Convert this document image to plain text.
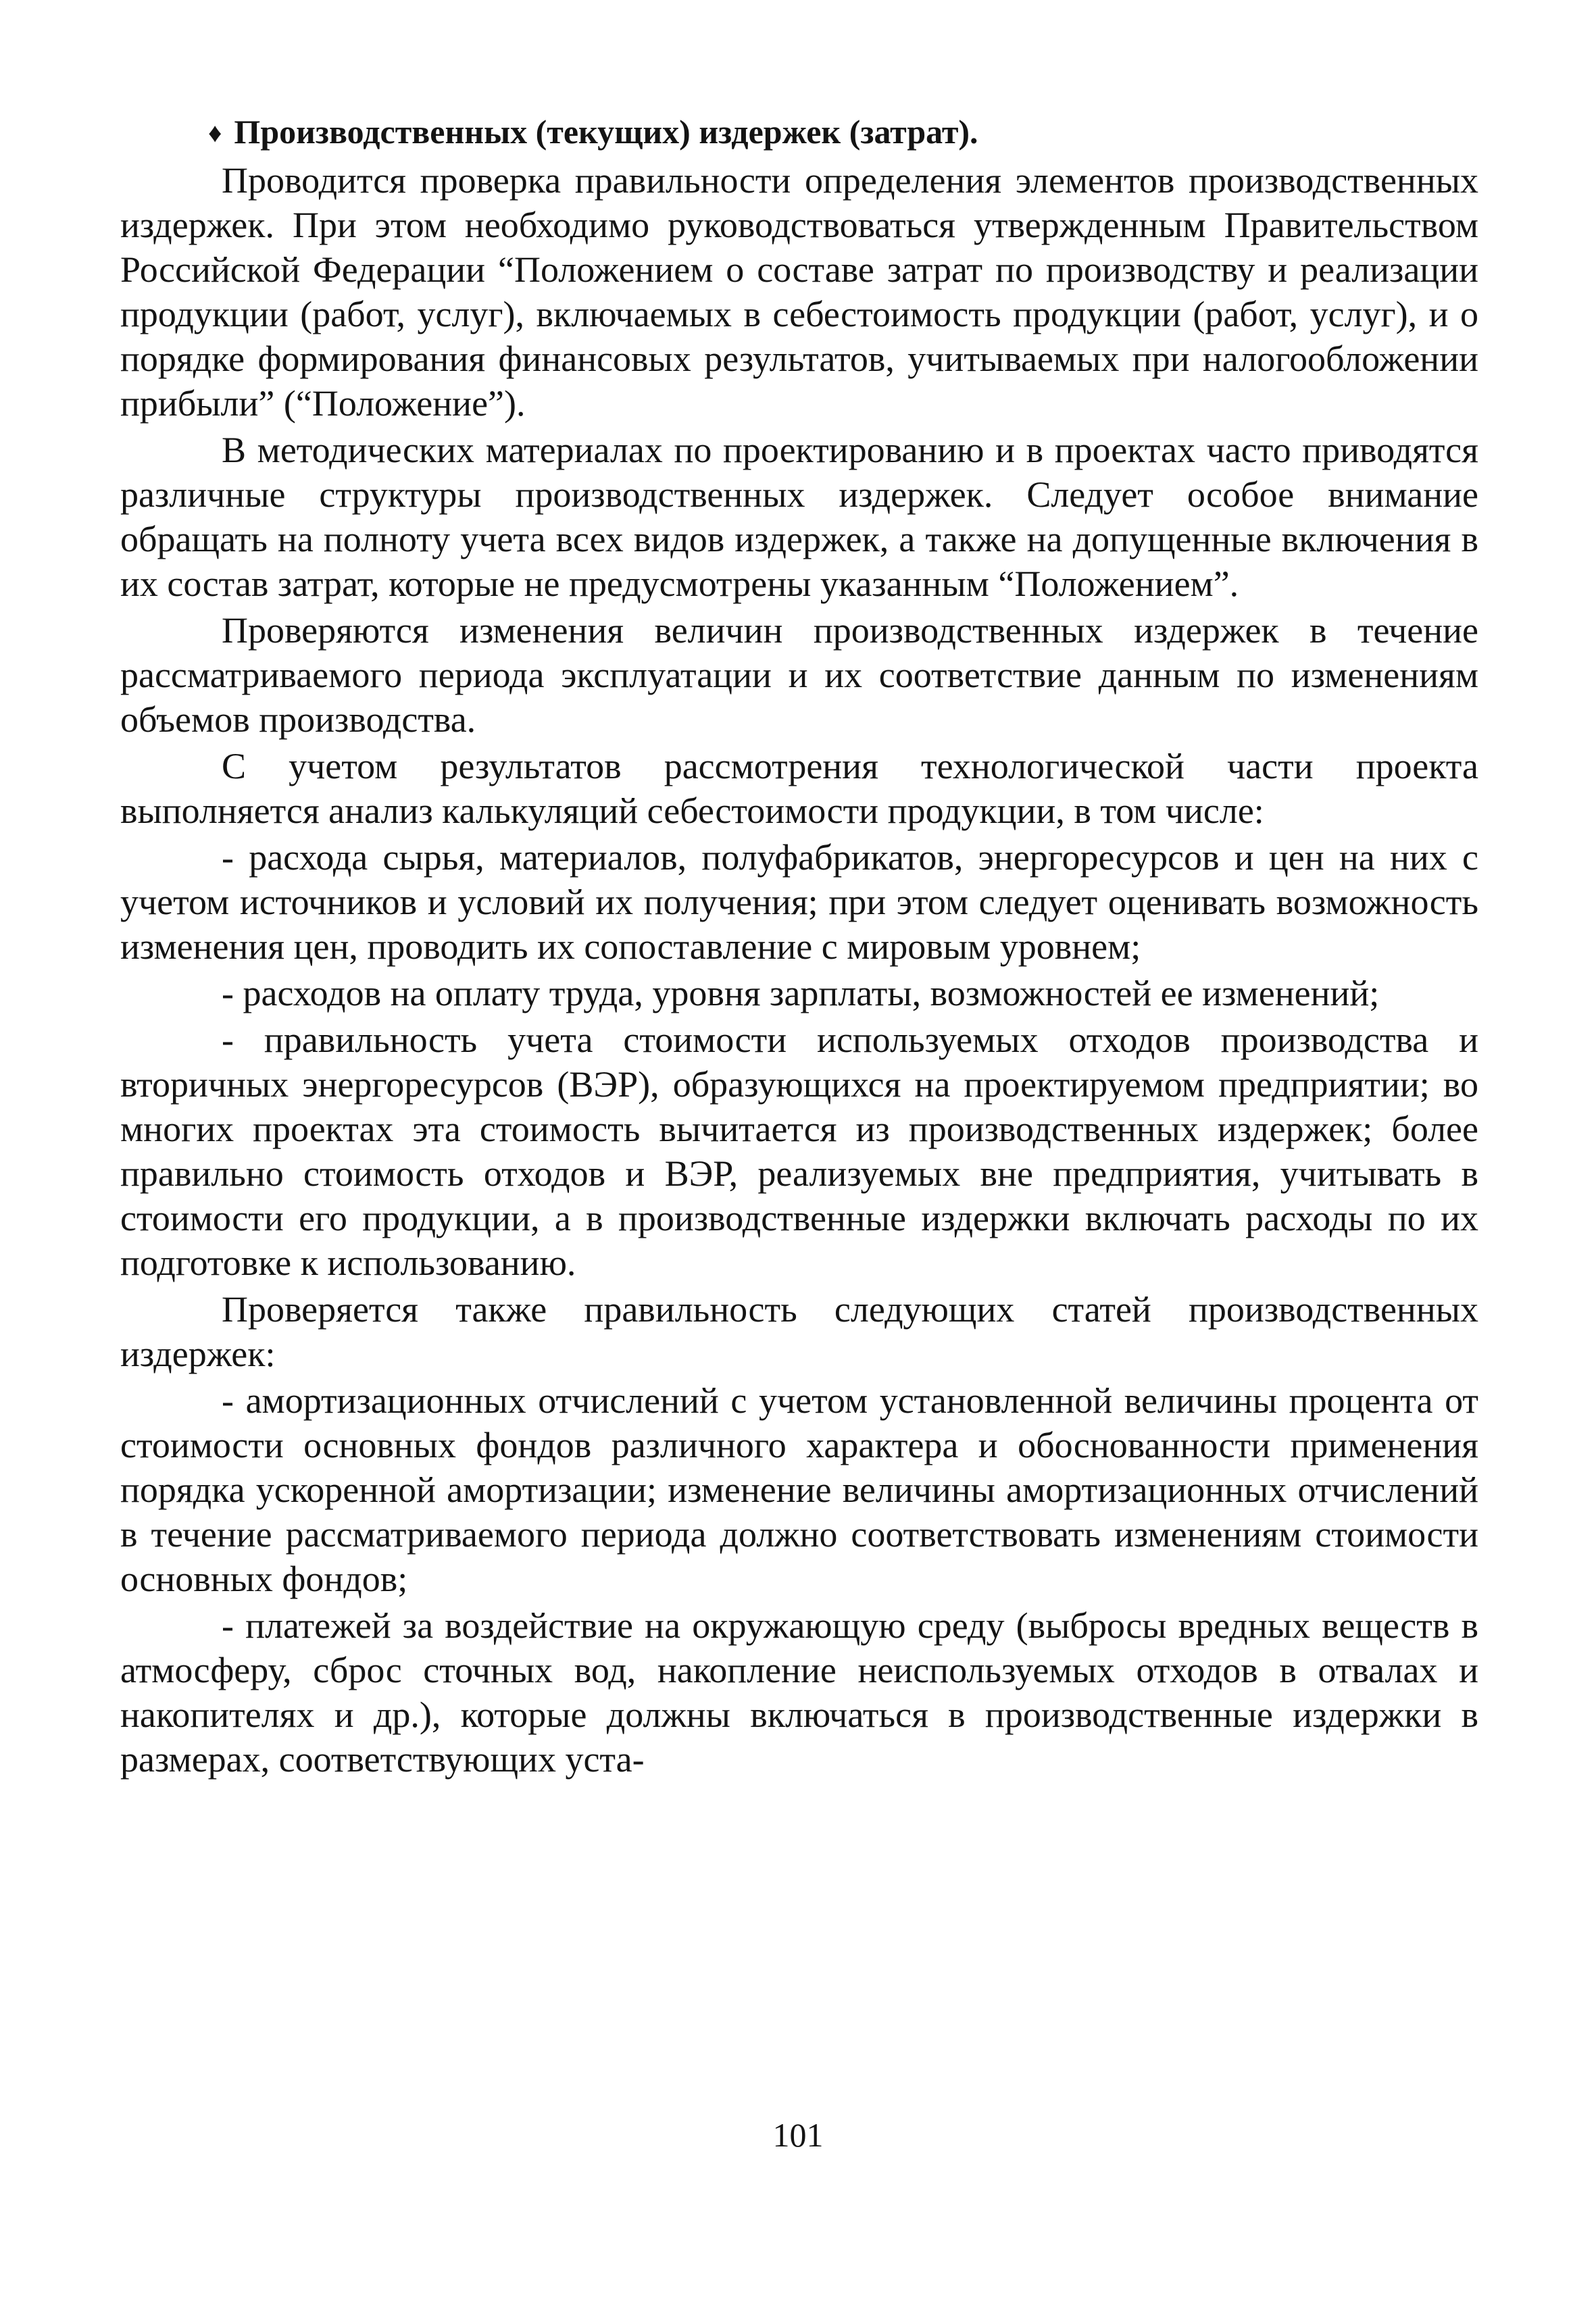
♦ Производственных (текущих) издержек (затрат).

Проводится проверка правильности определения элементов производственных издержек. При этом необходимо руководствоваться утвержденным Правительством Российской Федерации “Положением о составе затрат по производству и реализации продукции (работ, услуг), включаемых в себестоимость продукции (работ, услуг), и о порядке формирования финансовых результатов, учитываемых при налогообложении прибыли” (“Положение”).

В методических материалах по проектированию и в проектах часто приводятся различные структуры производственных издержек. Следует особое внимание обращать на полноту учета всех видов издержек, а также на допущенные включения в их состав затрат, которые не предусмотрены указанным “Положением”.

Проверяются изменения величин производственных издержек в течение рассматриваемого периода эксплуатации и их соответствие данным по изменениям объемов производства.

С учетом результатов рассмотрения технологической части проекта выполняется анализ калькуляций себестоимости продукции, в том числе:

- расхода сырья, материалов, полуфабрикатов, энергоресурсов и цен на них с учетом источников и условий их получения; при этом следует оценивать возможность изменения цен, проводить их сопоставление с мировым уровнем;

- расходов на оплату труда, уровня зарплаты, возможностей ее изменений;

- правильность учета стоимости используемых отходов производства и вторичных энергоресурсов (ВЭР), образующихся на проектируемом предприятии; во многих проектах эта стоимость вычитается из производственных издержек; более правильно стоимость отходов и ВЭР, реализуемых вне предприятия, учитывать в стоимости его продукции, а в производственные издержки включать расходы по их подготовке к использованию.

Проверяется также правильность следующих статей производственных издержек:

- амортизационных отчислений с учетом установленной величины процента от стоимости основных фондов различного характера и обоснованности применения порядка ускоренной амортизации; изменение величины амортизационных отчислений в течение рассматриваемого периода должно соответствовать изменениям стоимости основных фондов;

- платежей за воздействие на окружающую среду (выбросы вредных веществ в атмосферу, сброс сточных вод, накопление неиспользуемых отходов в отвалах и накопителях и др.), которые должны включаться в производственные издержки в размерах, соответствующих уста-

101
